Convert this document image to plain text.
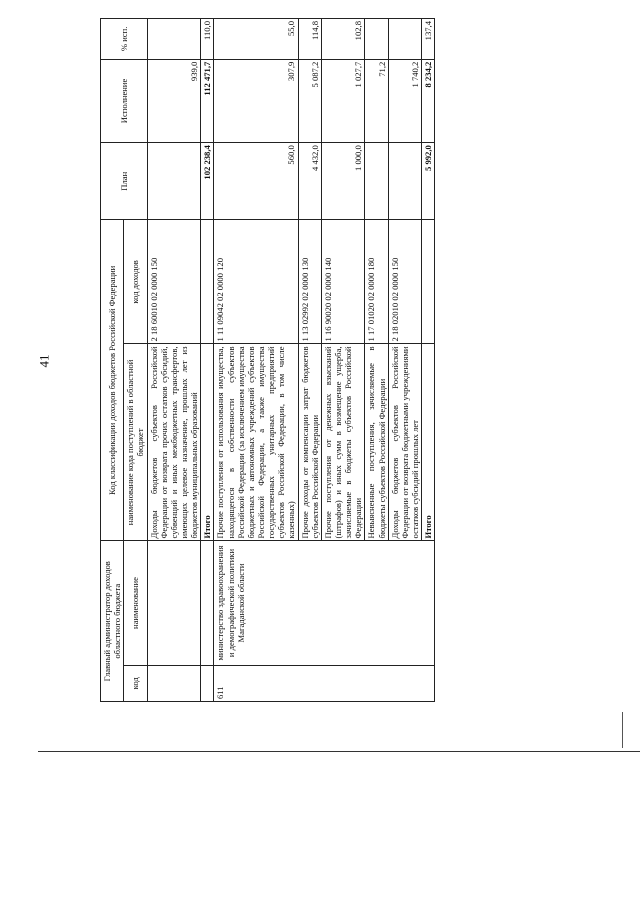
41
Главный администратор доходов областного бюджета		Код классификации доходов бюджетов Российской Федерации		План	Исполнение	% исп.
код	наименование	наименование кода поступлений в областной бюджет	код доходов			
		Доходы бюджетов субъектов Российской Федерации от возврата прочих остатков субсидий, субвенций и иных межбюджетных трансфертов, имеющих целевое назначение, прошлых лет из бюджетов муниципальных образований	2 18 60010 02 0000 150		939,0	
		Итого		102 238,4	112 471,7	110,0
611	министерство здравоохранения и демографической политики Магаданской области	Прочие поступления от использования имущества, находящегося в собственности субъектов Российской Федерации (за исключением имущества бюджетных и автономных учреждений субъектов Российской Федерации, а также имущества государственных унитарных предприятий субъектов Российской Федерации, в том числе казенных)	1 11 09042 02 0000 120	560,0	307,9	55,0
		Прочие доходы от компенсации затрат бюджетов субъектов Российской Федерации	1 13 02992 02 0000 130	4 432,0	5 087,2	114,8
		Прочие поступления от денежных взысканий (штрафов) и иных сумм в возмещение ущерба, зачисляемые в бюджеты субъектов Российской Федерации	1 16 90020 02 0000 140	1 000,0	1 027,7	102,8
		Невыясненные поступления, зачисляемые в бюджеты субъектов Российской Федерации	1 17 01020 02 0000 180		71,2	
		Доходы бюджетов субъектов Российской Федерации от возврата бюджетными учреждениями остатков субсидий прошлых лет	2 18 02010 02 0000 150		1 740,2	
		Итого		5 992,0	8 234,2	137,4
